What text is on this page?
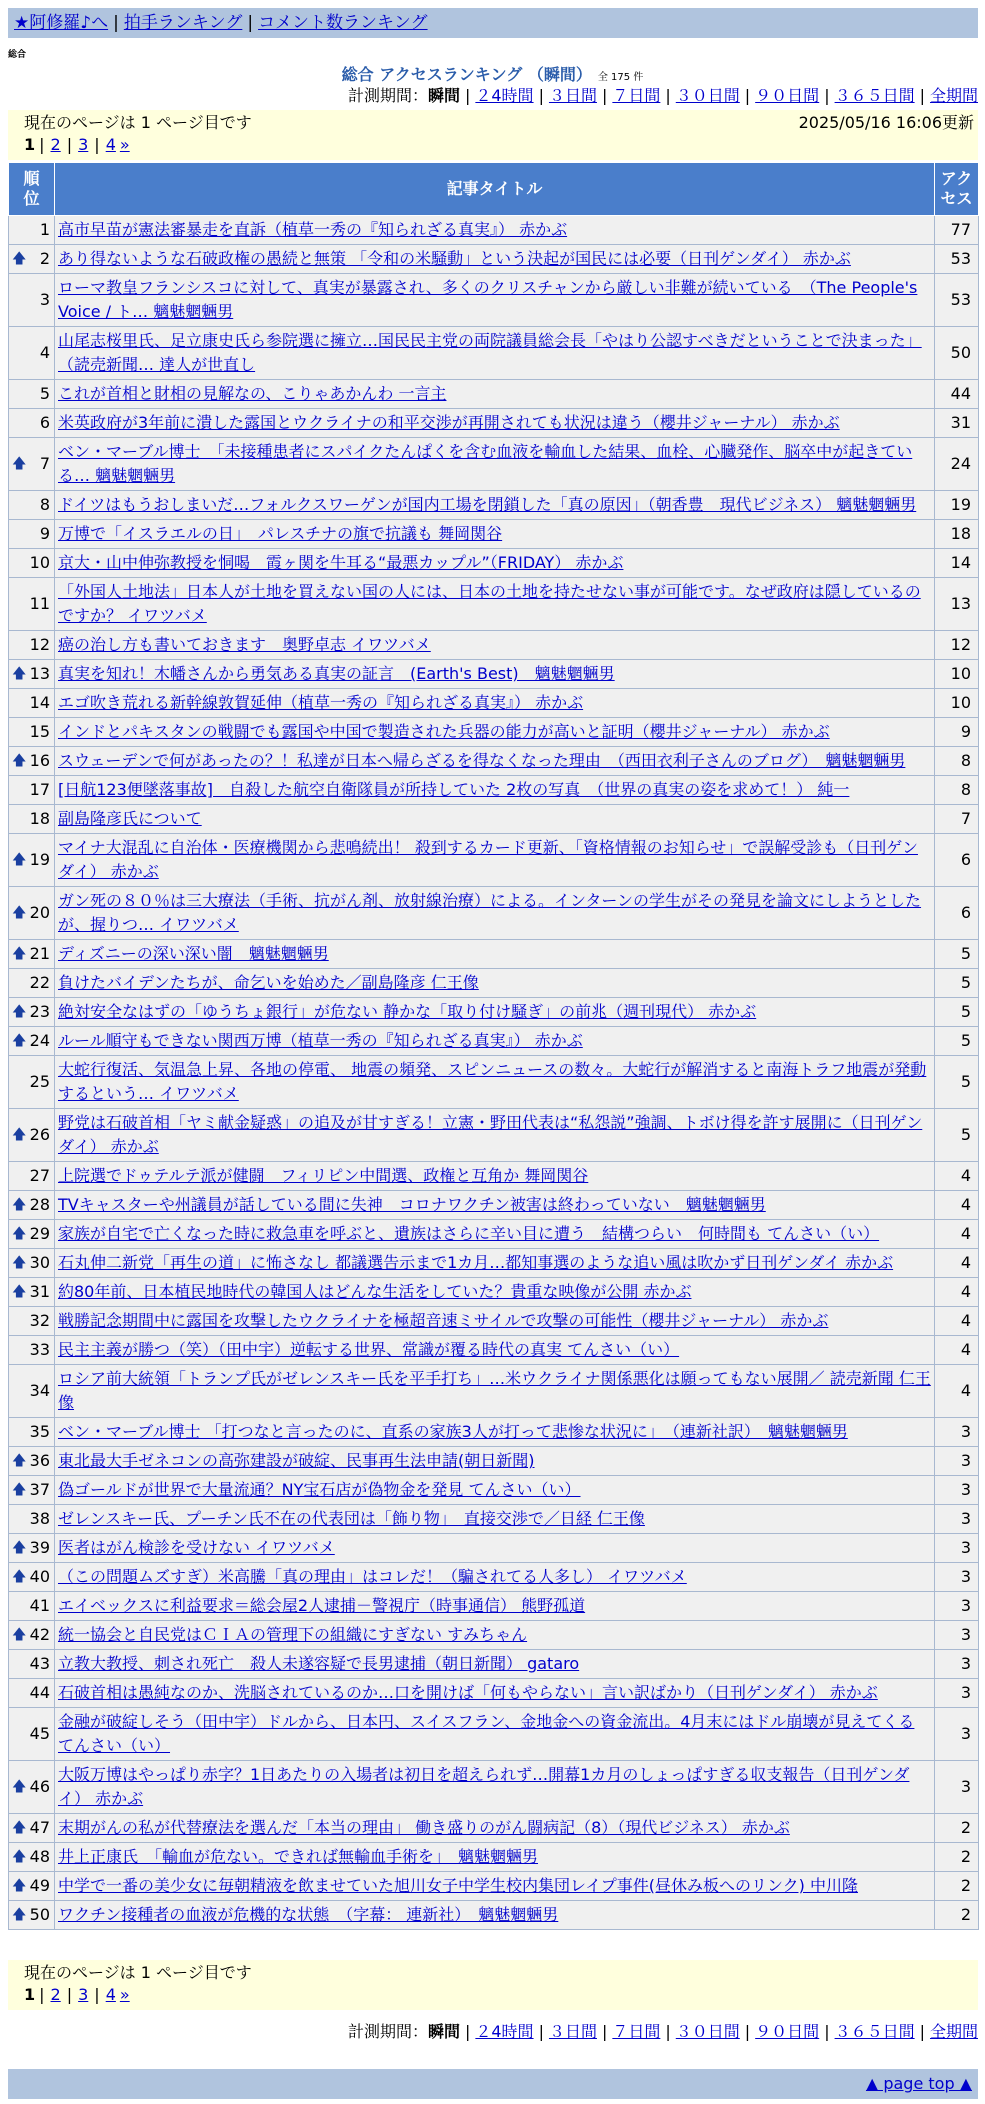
★阿修羅♪へ | 拍手ランキング | コメント数ランキング
総合
総合 アクセスランキング （瞬間） 全 175 件
計測期間：瞬間 | ２4時間 | ３日間 | ７日間 | ３０日間 | ９０日間 | ３６５日間 | 全期間
現在のページは 1 ページ目です	2025/05/16 16:06更新
1 | 2 | 3 | 4 »
順位	記事タイトル	アクセス
1	高市早苗が憲法審暴走を直訴（植草一秀の『知られざる真実』） 赤かぶ	77

🡅 2	あり得ないような石破政権の愚続と無策 「令和の米騒動」という決起が国民には必要（日刊ゲンダイ） 赤かぶ	53
3	ローマ教皇フランシスコに対して、真実が暴露され、多くのクリスチャンから厳しい非難が続いている　（The People's Voice / ト… 魑魅魍魎男	53
4	山尾志桜里氏、足立康史氏ら参院選に擁立…国民民主党の両院議員総会長「やはり公認すべきだということで決まった」（読売新聞… 達人が世直し	50
5	これが首相と財相の見解なの、こりゃあかんわ 一言主	44
6	米英政府が3年前に潰した露国とウクライナの和平交渉が再開されても状況は違う（櫻井ジャーナル） 赤かぶ	31

🡅 7	ベン・マーブル博士　「未接種患者にスパイクたんぱくを含む血液を輸血した結果、血栓、心臓発作、脳卒中が起きている… 魑魅魍魎男	24
8	ドイツはもうおしまいだ…フォルクスワーゲンが国内工場を閉鎖した「真の原因」（朝香豊　現代ビジネス） 魑魅魍魎男	19
9	万博で「イスラエルの日」　パレスチナの旗で抗議も 舞岡関谷	18
10	京大・山中伸弥教授を恫喝　霞ヶ関を牛耳る“最悪カップル”（FRIDAY） 赤かぶ	14
11	「外国人土地法」日本人が土地を買えない国の人には、日本の土地を持たせない事が可能です。なぜ政府は隠しているのですか？ イワツバメ	13
12	癌の治し方も書いておきます　奥野卓志 イワツバメ	12

🡅 13	真実を知れ！木幡さんから勇気ある真実の証言　(Earth's Best)　魑魅魍魎男	10
14	エゴ吹き荒れる新幹線敦賀延伸（植草一秀の『知られざる真実』） 赤かぶ	10
15	インドとパキスタンの戦闘でも露国や中国で製造された兵器の能力が高いと証明（櫻井ジャーナル） 赤かぶ	9

🡅 16	スウェーデンで何があったの？！私達が日本へ帰らざるを得なくなった理由　（西田衣利子さんのブログ）　魑魅魍魎男	8
17	[日航123便墜落事故]　自殺した航空自衛隊員が所持していた 2枚の写真　（世界の真実の姿を求めて！） 純一	8
18	副島隆彦氏について	7

🡅 19	マイナ大混乱に自治体・医療機関から悲鳴続出！ 殺到するカード更新、「資格情報のお知らせ」で誤解受診も（日刊ゲンダイ） 赤かぶ	6

🡅 20	ガン死の８０％は三大療法（手術、抗がん剤、放射線治療）による。インターンの学生がその発見を論文にしようとしたが、握りつ… イワツバメ	6

🡅 21	ディズニーの深い深い闇　魑魅魍魎男	5
22	負けたバイデンたちが、命乞いを始めた／副島隆彦 仁王像	5

🡅 23	絶対安全なはずの「ゆうちょ銀行」が危ない 静かな「取り付け騒ぎ」の前兆（週刊現代） 赤かぶ	5

🡅 24	ルール順守もできない関西万博（植草一秀の『知られざる真実』） 赤かぶ	5
25	大蛇行復活、気温急上昇、各地の停電、 地震の頻発、スピンニュースの数々。大蛇行が解消すると南海トラフ地震が発動するという… イワツバメ	5

🡅 26	野党は石破首相「ヤミ献金疑惑」の追及が甘すぎる！立憲・野田代表は“私怨説”強調、トボけ得を許す展開に（日刊ゲンダイ） 赤かぶ	5
27	上院選でドゥテルテ派が健闘　フィリピン中間選、政権と互角か 舞岡関谷	4

🡅 28	TVキャスターや州議員が話している間に失神　コロナワクチン被害は終わっていない　魑魅魍魎男	4

🡅 29	家族が自宅で亡くなった時に救急車を呼ぶと、遺族はさらに辛い目に遭う　結構つらい　何時間も てんさい（い）	4

🡅 30	石丸伸二新党「再生の道」に怖さなし 都議選告示まで1カ月…都知事選のような追い風は吹かず日刊ゲンダイ 赤かぶ	4

🡅 31	約80年前、日本植民地時代の韓国人はどんな生活をしていた？貴重な映像が公開 赤かぶ	4
32	戦勝記念期間中に露国を攻撃したウクライナを極超音速ミサイルで攻撃の可能性（櫻井ジャーナル） 赤かぶ	4
33	民主主義が勝つ（笑）（田中宇）逆転する世界、常識が覆る時代の真実 てんさい（い）	4
34	ロシア前大統領「トランプ氏がゼレンスキー氏を平手打ち」…米ウクライナ関係悪化は願ってもない展開／ 読売新聞 仁王像	4
35	ベン・マーブル博士 「打つなと言ったのに、直系の家族3人が打って悲惨な状況に」　（連新社訳）　魑魅魍魎男	3

🡅 36	東北最大手ゼネコンの高弥建設が破綻、民事再生法申請(朝日新聞)	3

🡅 37	偽ゴールドが世界で大量流通？NY宝石店が偽物金を発見 てんさい（い）	3
38	ゼレンスキー氏、プーチン氏不在の代表団は「飾り物」　直接交渉で／日経 仁王像	3

🡅 39	医者はがん検診を受けない イワツバメ	3

🡅 40	（この問題ムズすぎ）米高騰「真の理由」はコレだ！（騙されてる人多し） イワツバメ	3
41	エイベックスに利益要求＝総会屋2人逮捕－警視庁（時事通信） 熊野孤道	3

🡅 42	統一協会と自民党はＣＩＡの管理下の組織にすぎない すみちゃん	3
43	立教大教授、刺され死亡　殺人未遂容疑で長男逮捕（朝日新聞） gataro	3
44	石破首相は愚純なのか、洗脳されているのか…口を開けば「何もやらない」言い訳ばかり（日刊ゲンダイ） 赤かぶ	3
45	金融が破綻しそう（田中宇）ドルから、日本円、スイスフラン、金地金への資金流出。4月末にはドル崩壊が見えてくる てんさい（い）	3

🡅 46	大阪万博はやっぱり赤字？1日あたりの入場者は初日を超えられず…開幕1カ月のしょっぱすぎる収支報告（日刊ゲンダイ） 赤かぶ	3

🡅 47	末期がんの私が代替療法を選んだ「本当の理由」 働き盛りのがん闘病記（8）（現代ビジネス） 赤かぶ	2

🡅 48	井上正康氏　「輸血が危ない。できれば無輸血手術を」　魑魅魍魎男	2

🡅 49	中学で一番の美少女に毎朝精液を飲ませていた旭川女子中学生校内集団レイプ事件(昼休み板へのリンク) 中川隆	2

🡅 50	ワクチン接種者の血液が危機的な状態　（字幕： 連新社）　魑魅魍魎男	2
現在のページは 1 ページ目です
1 | 2 | 3 | 4 »
計測期間：瞬間 | ２4時間 | ３日間 | ７日間 | ３０日間 | ９０日間 | ３６５日間 | 全期間
▲ page top ▲
